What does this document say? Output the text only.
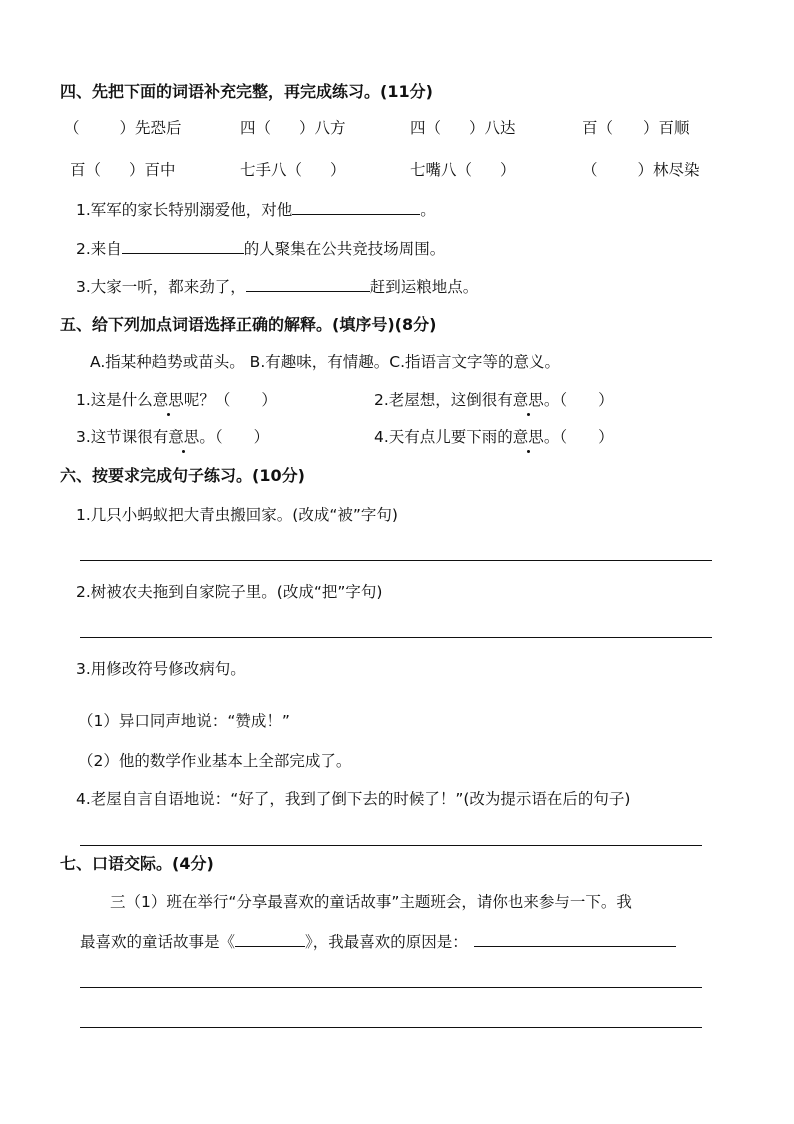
四、先把下面的词语补充完整，再完成练习。(11分)
（	）先恐后	四（ ）八方	四（ ）八达	百（ ）百顺
百（ ）百中	七手八（ ）	七嘴八（ ）	（	）林尽染
1.军军的家长特别溺爱他，对他	。
2.来自	的人聚集在公共竞技场周围。
3.大家一听，都来劲了，	赶到运粮地点。
五、给下列加点词语选择正确的解释。(填序号)(8分)
A.指某种趋势或苗头。 B.有趣味，有情趣。C.指语言文字等的意义。
1.这是什么意思呢？（　　）	2.老屋想，这倒很有意思。（　　）
3.这节课很有意思。（　　）	4.天有点儿要下雨的意思。（　　）
六、按要求完成句子练习。(10分)
1.几只小蚂蚁把大青虫搬回家。(改成“被”字句)
2.树被农夫拖到自家院子里。(改成“把”字句)
3.用修改符号修改病句。
（1）异口同声地说：“赞成！”
（2）他的数学作业基本上全部完成了。
4.老屋自言自语地说：“好了，我到了倒下去的时候了！”(改为提示语在后的句子)
七、口语交际。(4分)
三（1）班在举行“分享最喜欢的童话故事”主题班会，请你也来参与一下。我
最喜欢的童话故事是《	》，我最喜欢的原因是：
